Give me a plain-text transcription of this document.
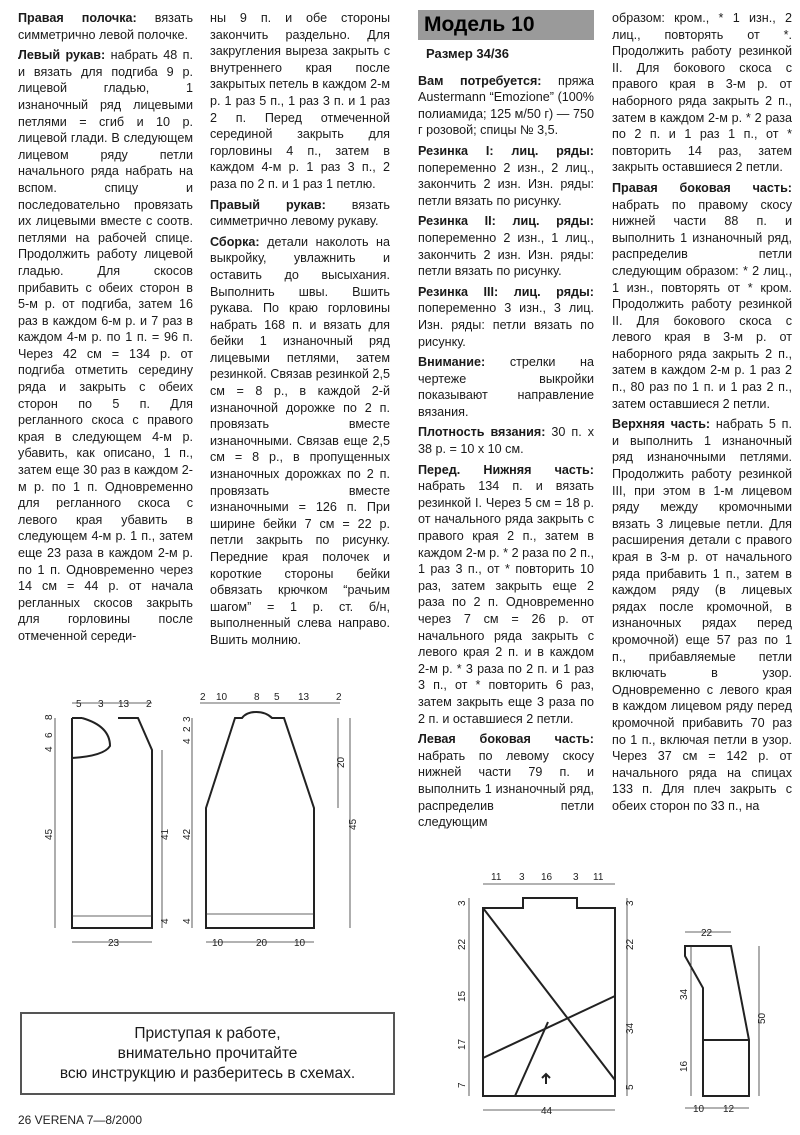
Правая полочка: вязать симметрично левой полочке.

Левый рукав: набрать 48 п. и вязать для подгиба 9 р. лицевой гладью, 1 изнаночный ряд лицевыми петлями = сгиб и 10 р. лицевой глади. В следующем лицевом ряду петли начального ряда набрать на вспом. спицу и последовательно провязать их лицевыми вместе с соотв. петлями на рабочей спице. Продолжить работу лицевой гладью. Для скосов прибавить с обеих сторон в 5-м р. от подгиба, затем 16 раз в каждом 6-м р. и 7 раз в каждом 4-м р. по 1 п. = 96 п. Через 42 см = 134 р. от подгиба отметить середину ряда и закрыть с обеих сторон по 5 п. Для регланного скоса с правого края в следующем 4-м р. убавить, как описано, 1 п., затем еще 30 раз в каждом 2-м р. по 1 п. Одновременно для регланного скоса с левого края убавить в следующем 4-м р. 1 п., затем еще 23 раза в каждом 2-м р. по 1 п. Одновременно через 14 см = 44 р. от начала регланных скосов закрыть для горловины после отмеченной середи-

ны 9 п. и обе стороны закончить раздельно. Для закругления выреза закрыть с внутреннего края после закрытых петель в каждом 2-м р. 1 раз 5 п., 1 раз 3 п. и 1 раз 2 п. Перед отмеченной серединой закрыть для горловины 4 п., затем в каждом 4-м р. 1 раз 3 п., 2 раза по 2 п. и 1 раз 1 петлю.

Правый рукав: вязать симметрично левому рукаву.

Сборка: детали наколоть на выкройку, увлажнить и оставить до высыхания. Выполнить швы. Вшить рукава. По краю горловины набрать 168 п. и вязать для бейки 1 изнаночный ряд лицевыми петлями, затем резинкой. Связав резинкой 2,5 см = 8 р., в каждой 2-й изнаночной дорожке по 2 п. провязать вместе изнаночными. Связав еще 2,5 см = 8 р., в пропущенных изнаночных дорожках по 2 п. провязать вместе изнаночными = 126 п. При ширине бейки 7 см = 22 р. петли закрыть по рисунку. Передние края полочек и короткие стороны бейки обвязать крючком “рачьим шагом” = 1 р. ст. б/н, выполненный слева направо. Вшить молнию.

Модель 10
Размер 34/36

Вам потребуется: пряжа Austermann “Emozione” (100% полиамида; 125 м/50 г) — 750 г розовой; спицы № 3,5.

Резинка I: лиц. ряды: попеременно 2 изн., 2 лиц., закончить 2 изн. Изн. ряды: петли вязать по рисунку.

Резинка II: лиц. ряды: попеременно 2 изн., 1 лиц., закончить 2 изн. Изн. ряды: петли вязать по рисунку.

Резинка III: лиц. ряды: попеременно 3 изн., 3 лиц. Изн. ряды: петли вязать по рисунку.

Внимание: стрелки на чертеже выкройки показывают направление вязания.

Плотность вязания: 30 п. x 38 р. = 10 x 10 см.

Перед. Нижняя часть: набрать 134 п. и вязать резинкой I. Через 5 см = 18 р. от начального ряда закрыть с правого края 2 п., затем в каждом 2-м р. * 2 раза по 2 п., 1 раз 3 п., от * повторить 10 раз, затем закрыть еще 2 раза по 2 п. Одновременно через 7 см = 26 р. от начального ряда закрыть с левого края 2 п. и в каждом 2-м р. * 3 раза по 2 п. и 1 раз 3 п., от * повторить 6 раз, затем закрыть еще 3 раза по 2 п. и оставшиеся 2 петли.

Левая боковая часть: набрать по левому скосу нижней части 79 п. и выполнить 1 изнаночный ряд, распределив петли следующим

образом: кром., * 1 изн., 2 лиц., повторять от *. Продолжить работу резинкой II. Для бокового скоса с правого края в 3-м р. от наборного ряда закрыть 2 п., затем в каждом 2-м р. * 2 раза по 2 п. и 1 раз 1 п., от * повторить 14 раз, затем закрыть оставшиеся 2 петли.

Правая боковая часть: набрать по правому скосу нижней части 88 п. и выполнить 1 изнаночный ряд, распределив петли следующим образом: * 2 лиц., 1 изн., повторять от * кром. Продолжить работу резинкой II. Для бокового скоса с левого края в 3-м р. от наборного ряда закрыть 2 п., затем в каждом 2-м р. 1 раз 2 п., 80 раз по 1 п. и 1 раз 2 п., затем оставшиеся 2 петли.

Верхняя часть: набрать 5 п. и выполнить 1 изнаночный ряд изнаночными петлями. Продолжить работу резинкой III, при этом в 1-м лицевом ряду между кромочными вязать 3 лицевые петли. Для расширения детали с правого края в 3-м р. от начального ряда прибавить 1 п., затем в каждом ряду (в лицевых рядах после кромочной, в изнаночных рядах перед кромочной) еще 57 раз по 1 п., прибавляемые петли включать в узор. Одновременно с левого края в каждом лицевом ряду перед кромочной прибавить 70 раз по 1 п., включая петли в узор. Через 37 см = 142 р. от начального ряда на спицах 133 п. Для плеч закрыть с обеих сторон по 33 п., на

5 3 13 2
8
6
4
45	41
4
23
2 10	8 5 13	2
3
2
4
42
4
20
45
10	20	10
11 3 16 3 11
3
22
15
17
7
3
22
34
5
44
22
34
16
50
10 12
Приступая к работе,
внимательно прочитайте
всю инструкцию и разберитесь в схемах.
26 VERENA 7—8/2000
